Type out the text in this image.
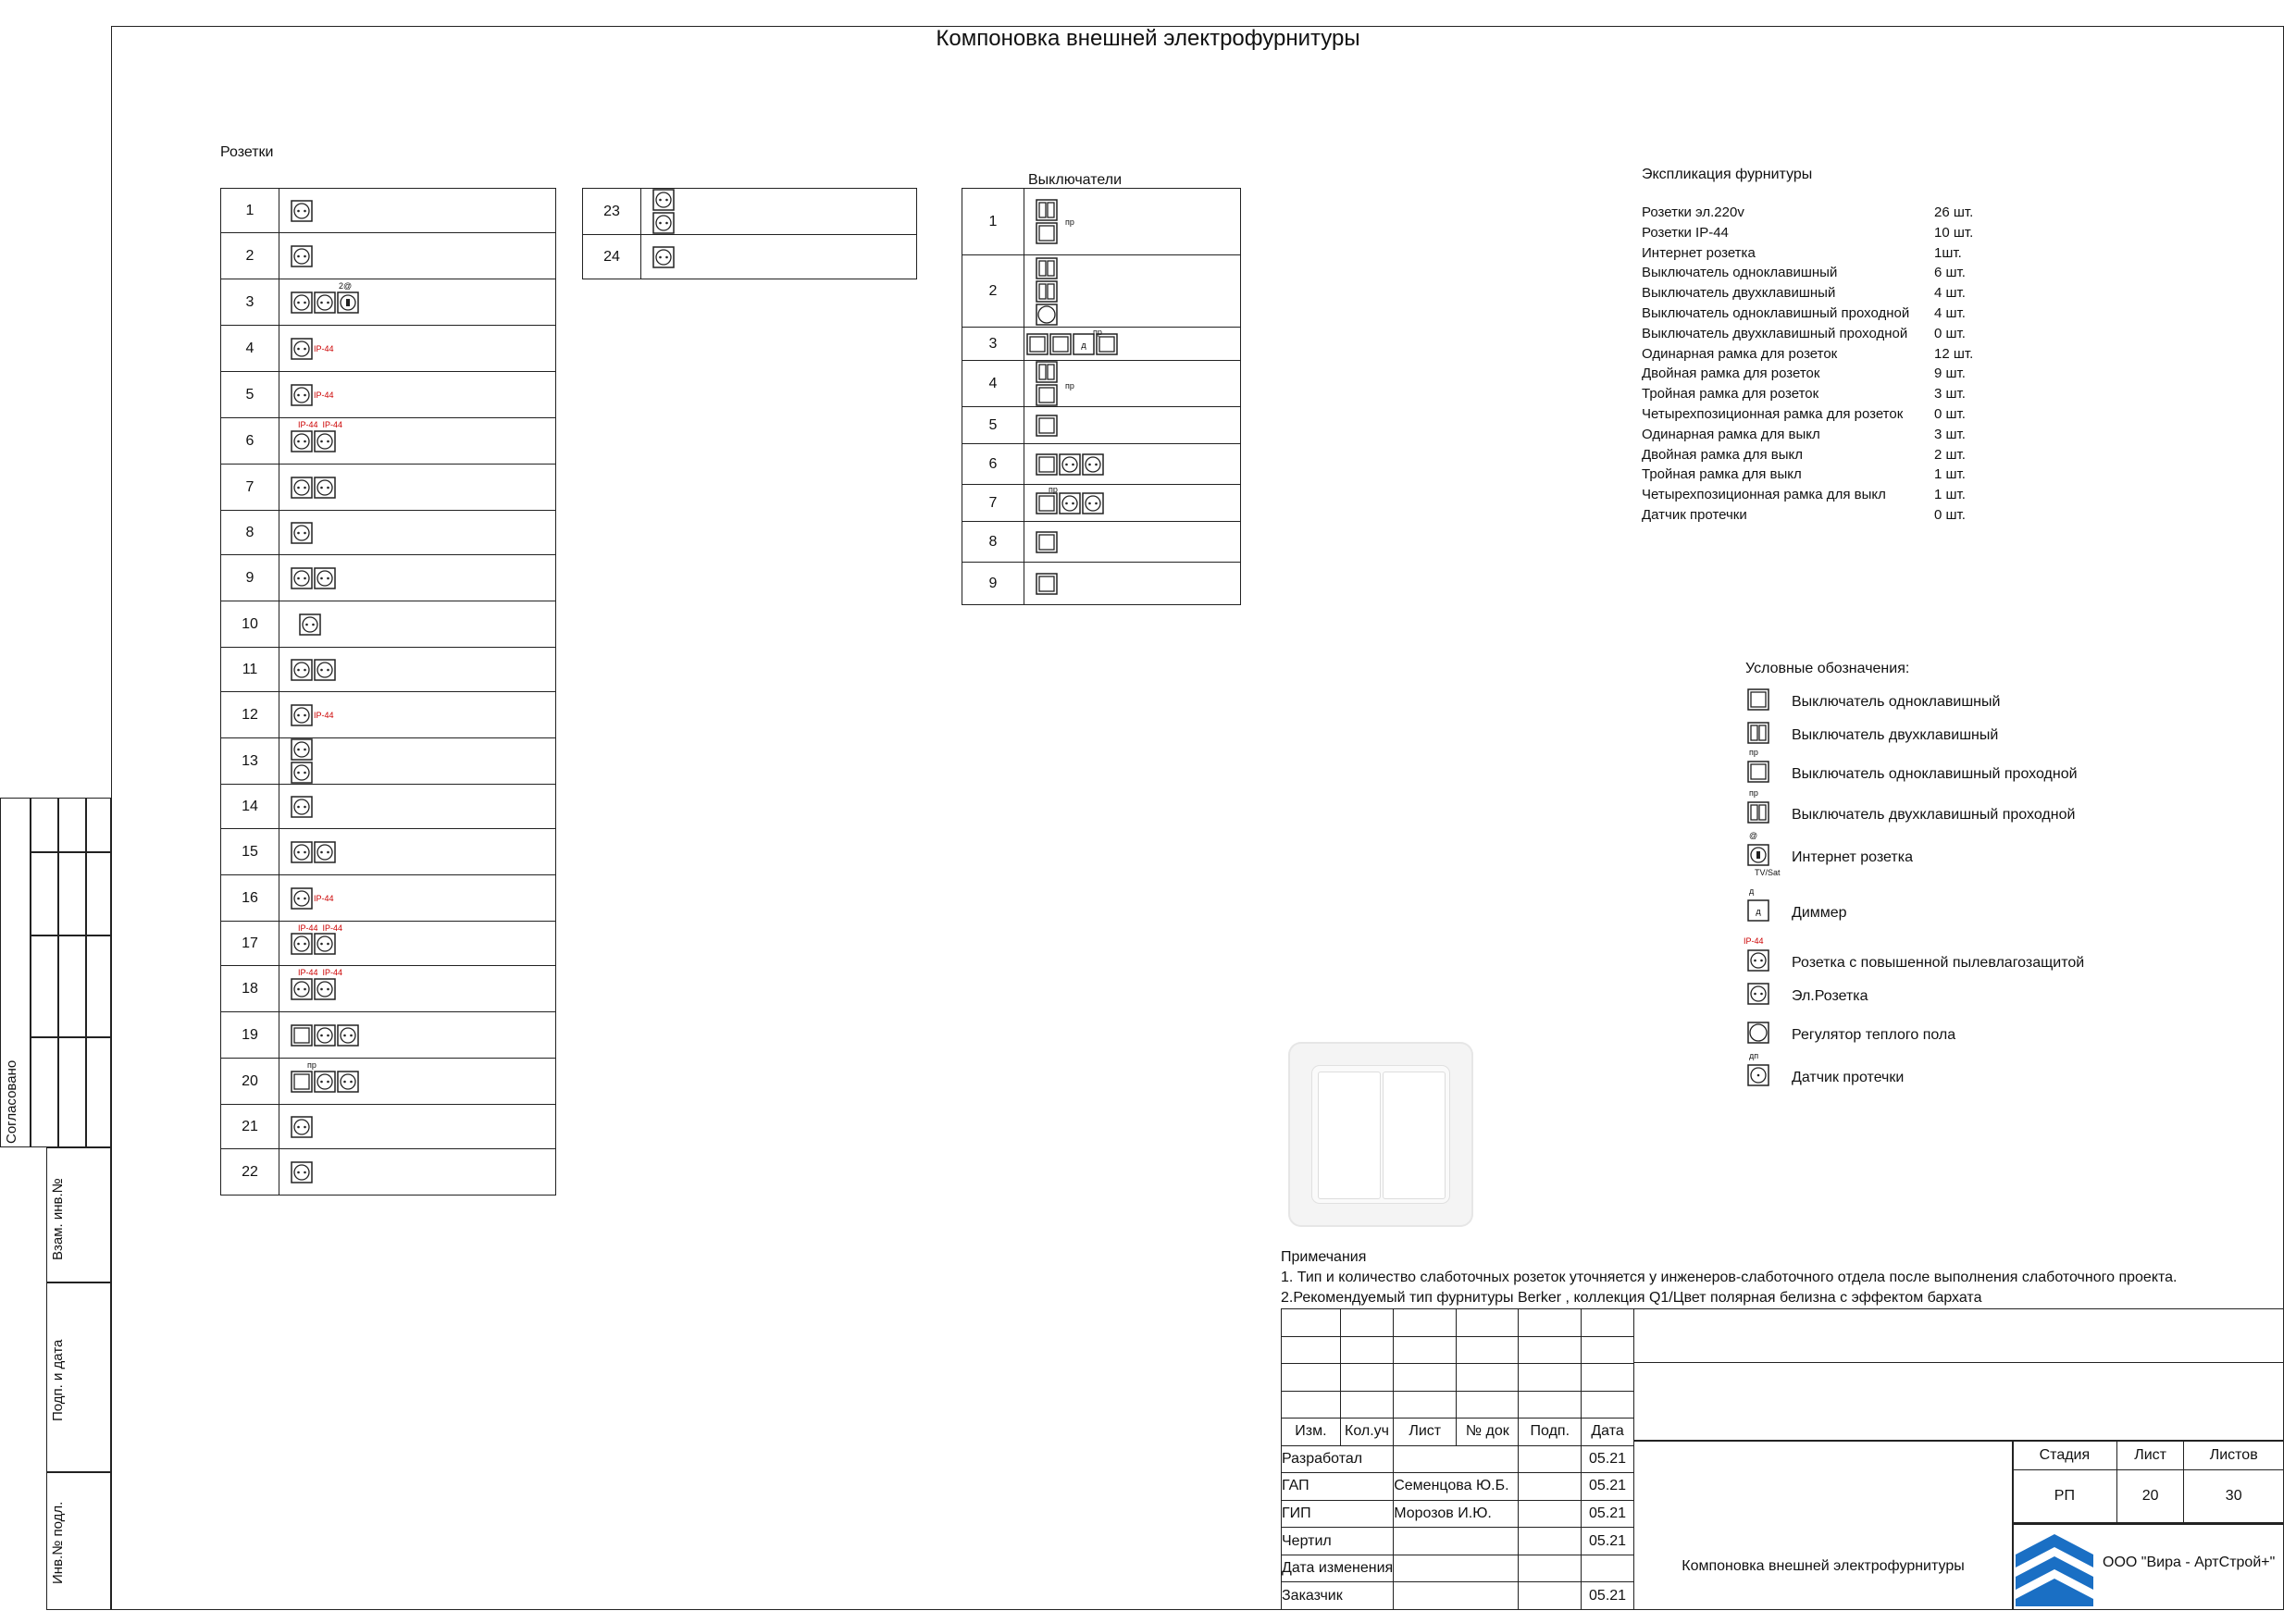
Компоновка внешней электрофурнитуры
Согласовано
Взам. инв.№
Подп. и дата
Инв.№ подл.
Розетки
1	

2	

3	2@

4	IP-44

5	IP-44

6	IP-44  IP-44

7	

8	

9	

10	

11	

12	IP-44

13	

14	

15	

16	IP-44

17	IP-44  IP-44

18	IP-44  IP-44

19	

20	пр

21	

22	
23	

24	
Выключатели
1	пр

2	

3	д
пр

4	пр

5	

6	

7	пр

8	

9	
Экспликация фурнитуры
Розетки эл.220v	26 шт.
Розетки IP-44	10 шт.
Интернет розетка	1шт.
Выключатель одноклавишный	6 шт.
Выключатель двухклавишный	4 шт.
Выключатель одноклавишный проходной	4 шт.
Выключатель двухклавишный проходной	0 шт.
Одинарная рамка для розеток	12 шт.
Двойная рамка для розеток	9 шт.
Тройная рамка для розеток	3 шт.
Четырехпозиционная рамка для розеток	0 шт.
Одинарная рамка для выкл	3 шт.
Двойная рамка для выкл	2 шт.
Тройная рамка для выкл	1 шт.
Четырехпозиционная рамка для выкл	1 шт.
Датчик протечки	0 шт.
Условные обозначения:
Выключатель одноклавишный
Выключатель двухклавишный
пр
Выключатель одноклавишный проходной
пр
Выключатель двухклавишный проходной
@
TV/Sat
Интернет розетка
д
д
Диммер
IP-44
Розетка с повышенной пылевлагозащитой
Эл.Розетка
Регулятор теплого пола
дп
Датчик протечки
Примечания
1. Тип и количество слаботочных розеток уточняется у инженеров-слаботочного отдела после выполнения слаботочного проекта.
2.Рекомендуемый тип фурнитуры Berker , коллекция Q1/Цвет полярная белизна с эффектом бархата

Изм.	Кол.уч	Лист	№ док	Подп.	Дата
Разработал					05.21
ГАП		Семенцова Ю.Б.			05.21
ГИП		Морозов И.Ю.			05.21
Чертил					05.21
Дата изменения					
Заказчик					05.21
Стадия	Лист	Листов
РП	20	30
Компоновка внешней электрофурнитуры	ООО "Вира - АртСтрой+"
